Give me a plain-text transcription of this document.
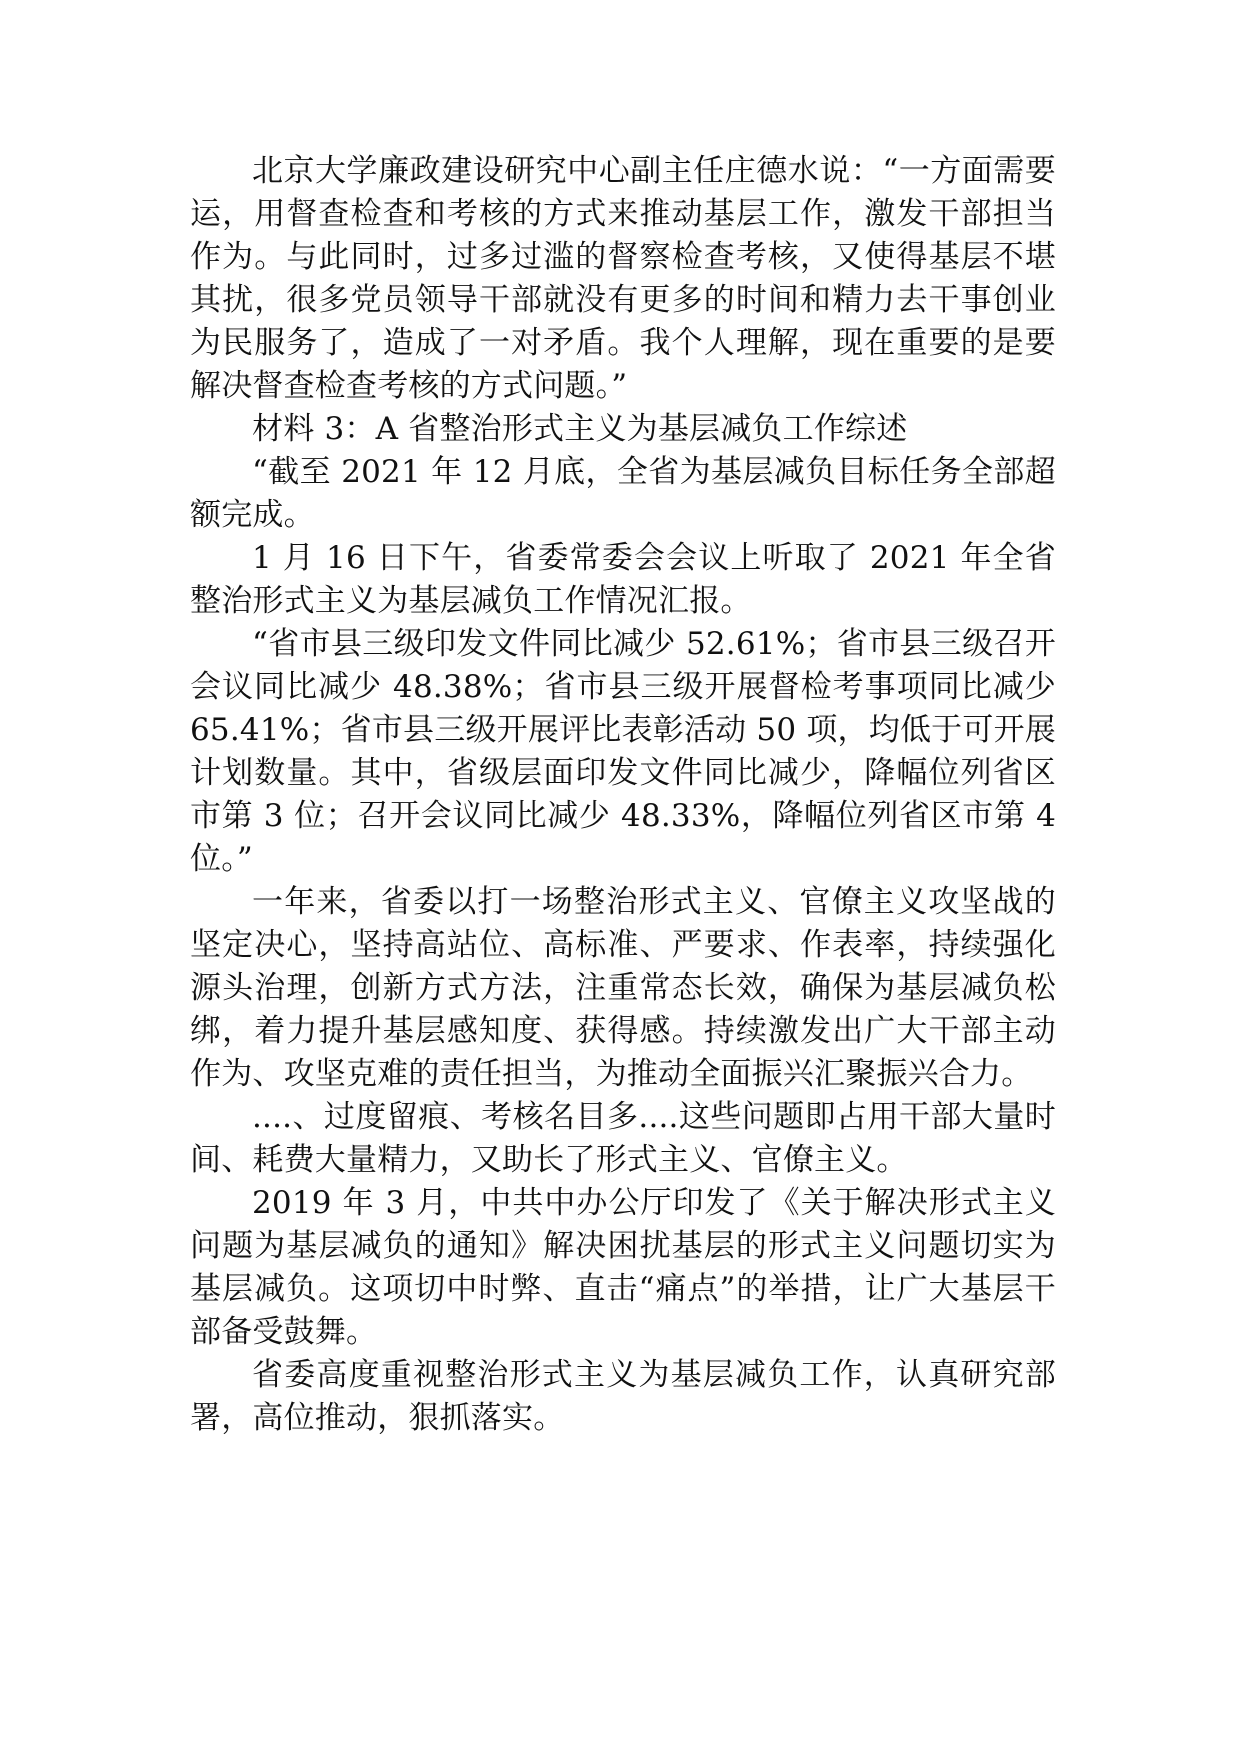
北京大学廉政建设研究中心副主任庄德水说：“一方面需要运，用督查检查和考核的方式来推动基层工作，激发干部担当作为。与此同时，过多过滥的督察检查考核，又使得基层不堪其扰，很多党员领导干部就没有更多的时间和精力去干事创业为民服务了，造成了一对矛盾。我个人理解，现在重要的是要解决督查检查考核的方式问题。”

材料 3：A 省整治形式主义为基层减负工作综述

“截至 2021 年 12 月底，全省为基层减负目标任务全部超额完成。

1 月 16 日下午，省委常委会会议上听取了 2021 年全省整治形式主义为基层减负工作情况汇报。

“省市县三级印发文件同比减少 52.61%；省市县三级召开会议同比减少 48.38%；省市县三级开展督检考事项同比减少 65.41%；省市县三级开展评比表彰活动 50 项，均低于可开展计划数量。其中，省级层面印发文件同比减少，降幅位列省区市第 3 位；召开会议同比减少 48.33%，降幅位列省区市第 4 位。”

一年来，省委以打一场整治形式主义、官僚主义攻坚战的坚定决心，坚持高站位、高标准、严要求、作表率，持续强化源头治理，创新方式方法，注重常态长效，确保为基层减负松绑，着力提升基层感知度、获得感。持续激发出广大干部主动作为、攻坚克难的责任担当，为推动全面振兴汇聚振兴合力。

....、过度留痕、考核名目多....这些问题即占用干部大量时间、耗费大量精力，又助长了形式主义、官僚主义。

2019 年 3 月，中共中办公厅印发了《关于解决形式主义问题为基层减负的通知》解决困扰基层的形式主义问题切实为基层减负。这项切中时弊、直击“痛点”的举措，让广大基层干部备受鼓舞。

省委高度重视整治形式主义为基层减负工作，认真研究部署，高位推动，狠抓落实。
